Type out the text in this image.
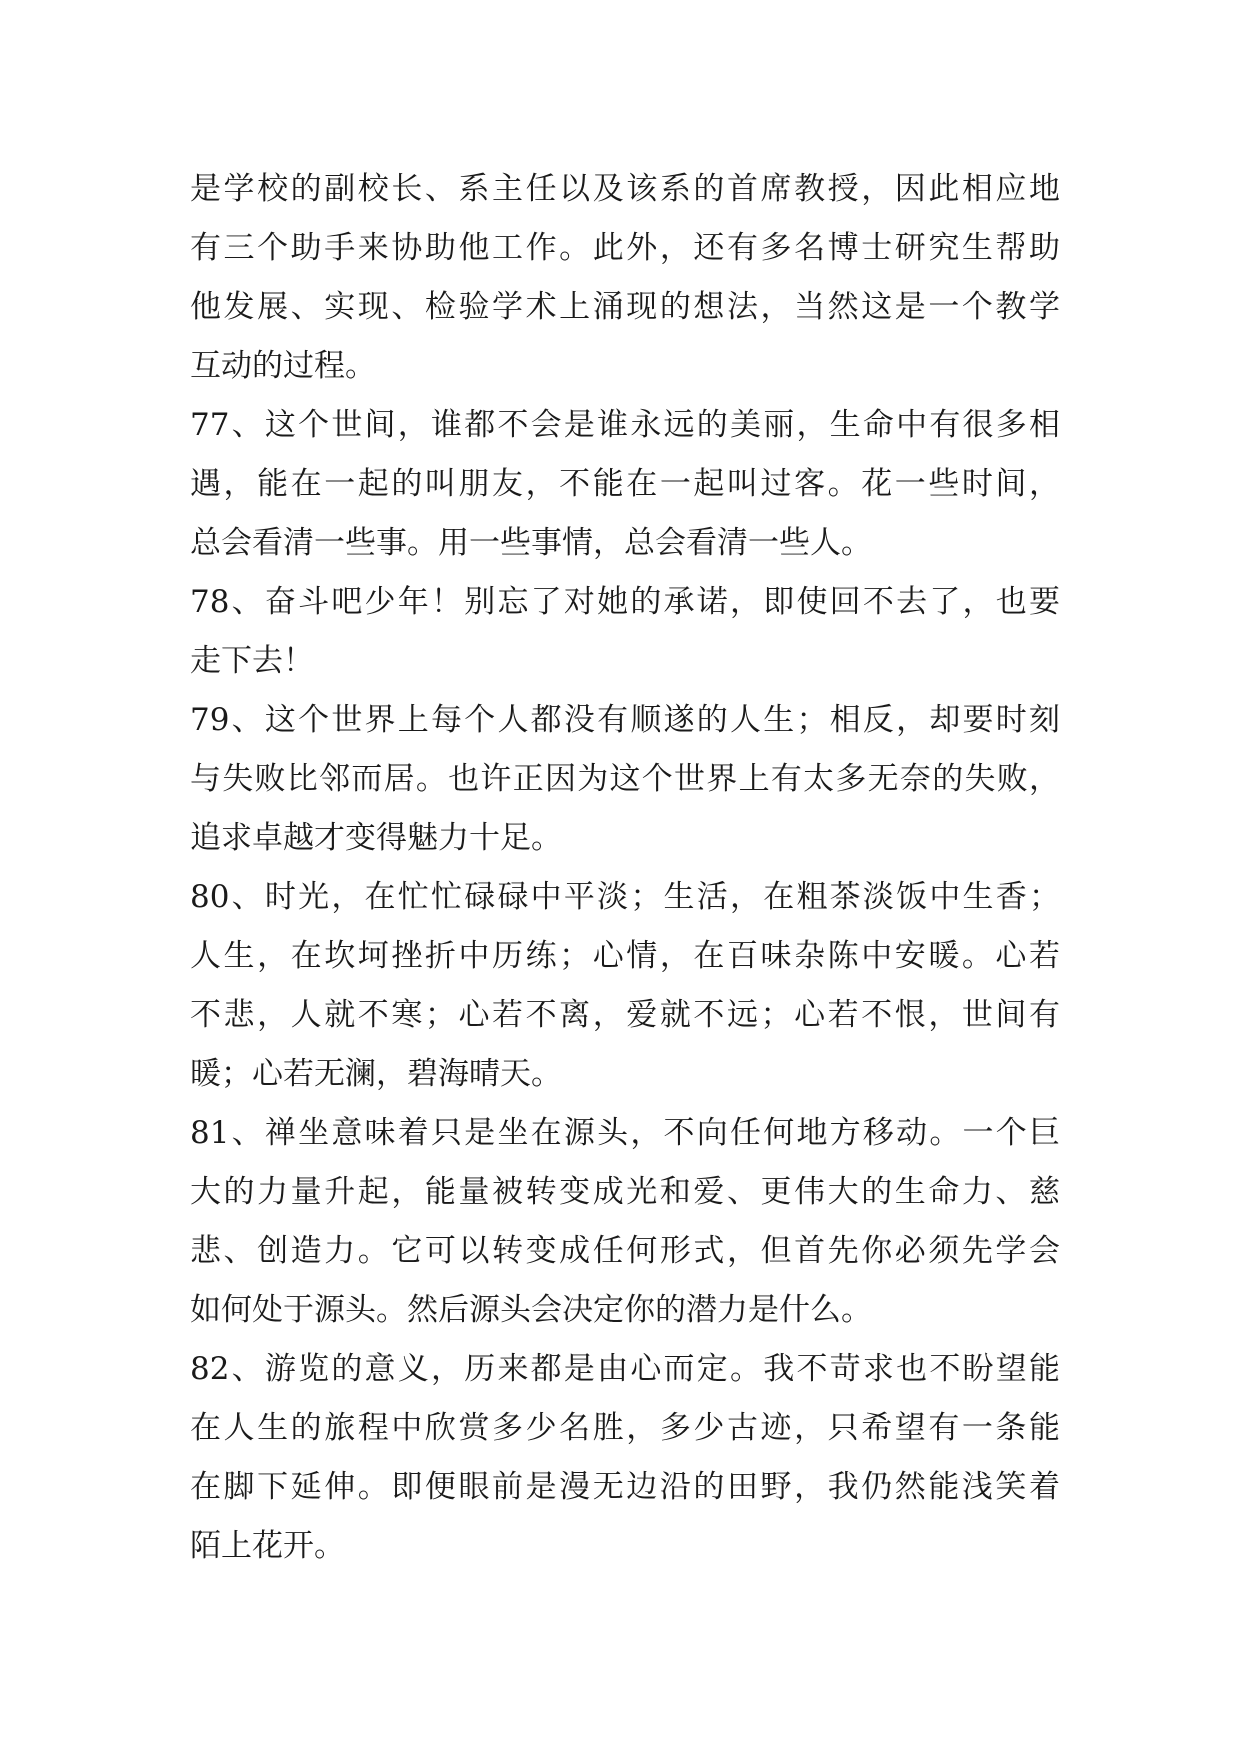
是学校的副校长、系主任以及该系的首席教授，因此相应地
有三个助手来协助他工作。此外，还有多名博士研究生帮助
他发展、实现、检验学术上涌现的想法，当然这是一个教学
互动的过程。
77、这个世间，谁都不会是谁永远的美丽，生命中有很多相
遇，能在一起的叫朋友，不能在一起叫过客。花一些时间，
总会看清一些事。用一些事情，总会看清一些人。
78、奋斗吧少年！别忘了对她的承诺，即使回不去了，也要
走下去！
79、这个世界上每个人都没有顺遂的人生；相反，却要时刻
与失败比邻而居。也许正因为这个世界上有太多无奈的失败，
追求卓越才变得魅力十足。
80、时光，在忙忙碌碌中平淡；生活，在粗茶淡饭中生香；
人生，在坎坷挫折中历练；心情，在百味杂陈中安暖。心若
不悲，人就不寒；心若不离，爱就不远；心若不恨，世间有
暖；心若无澜，碧海晴天。
81、禅坐意味着只是坐在源头，不向任何地方移动。一个巨
大的力量升起，能量被转变成光和爱、更伟大的生命力、慈
悲、创造力。它可以转变成任何形式，但首先你必须先学会
如何处于源头。然后源头会决定你的潜力是什么。
82、游览的意义，历来都是由心而定。我不苛求也不盼望能
在人生的旅程中欣赏多少名胜，多少古迹，只希望有一条能
在脚下延伸。即便眼前是漫无边沿的田野，我仍然能浅笑着
陌上花开。
